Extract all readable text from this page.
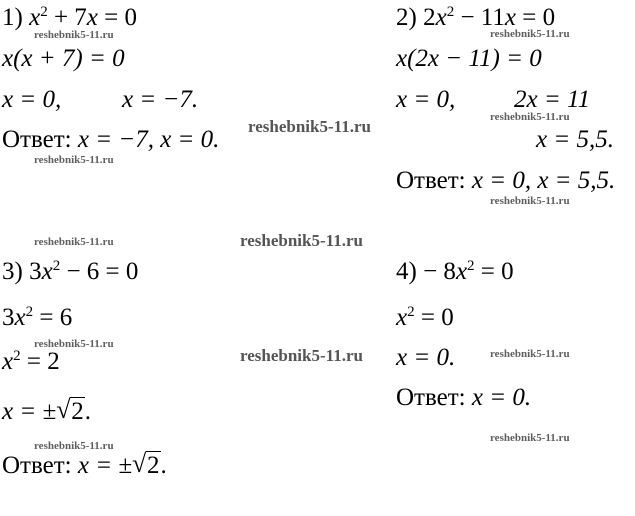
1) $x^2 + 7x = 0$
x(x + 7) = 0
x = 0, x = −7.
Ответ: x = −7, x = 0.
2) $2x^2 - 11x = 0$
x(2x − 11) = 0
x = 0, 2x = 11
x = 5,5.
Ответ: x = 0, x = 5,5.
3) $3x^2 - 6 = 0$
$3x^2 = 6$
$x^2 = 2$
x = ± √ 2.
Ответ: x = ± √ 2.
$4) - 8x^2 = 0$
$x^2 = 0$
x = 0.
Ответ: x = 0.
reshebnik5-11.ru
reshebnik5-11.ru
reshebnik5-11.ru
reshebnik5-11.ru
reshebnik5-11.ru
reshebnik5-11.ru
reshebnik5-11.ru	reshebnik5-11.ru
reshebnik5-11.ru
reshebnik5-11.ru	reshebnik5-11.ru
reshebnik5-11.ru
reshebnik5-11.ru
